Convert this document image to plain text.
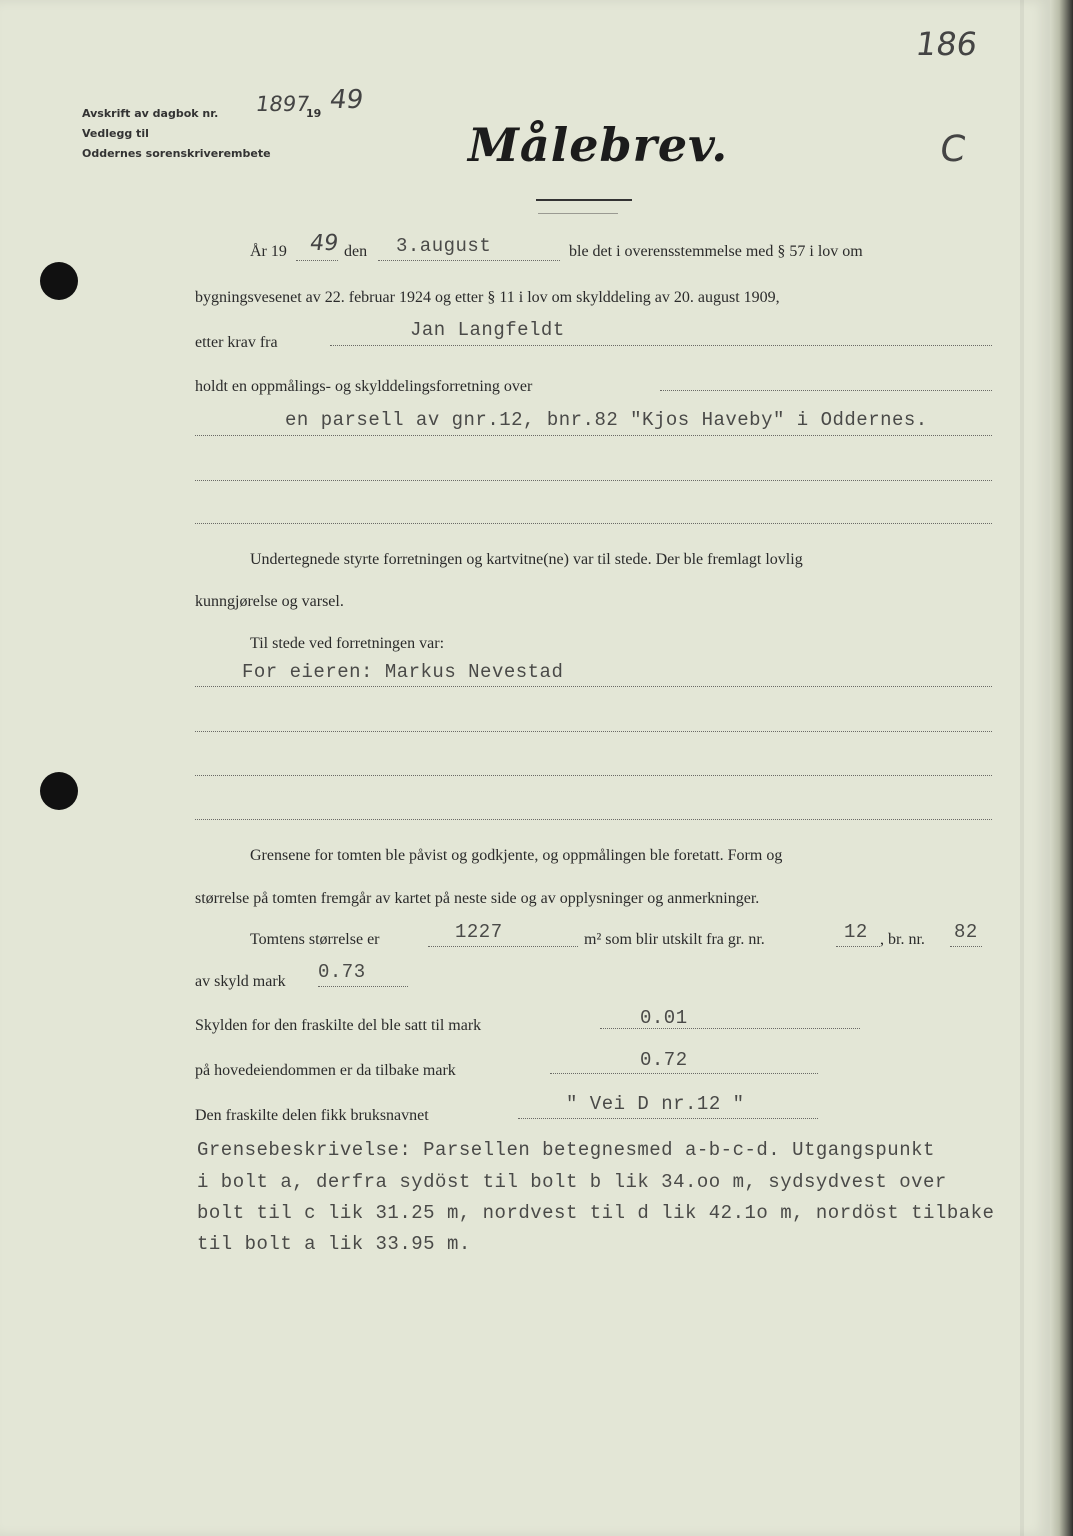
Avskrift av dagbok nr. 1897
19 49
Vedlegg til
Oddernes sorenskriverembete
186
C
Målebrev.
År 19 49 den 3.august	ble det i overensstemmelse med § 57 i lov om
bygningsvesenet av 22. februar 1924 og etter § 11 i lov om skylddeling av 20. august 1909,
etter krav fra
Jan Langfeldt
holdt en oppmålings- og skylddelingsforretning over
en parsell av gnr.12, bnr.82 "Kjos Haveby" i Oddernes.
Undertegnede styrte forretningen og kartvitne(ne) var til stede. Der ble fremlagt lovlig
kunngjørelse og varsel.
Til stede ved forretningen var:
For eieren: Markus Nevestad
Grensene for tomten ble påvist og godkjente, og oppmålingen ble foretatt. Form og
størrelse på tomten fremgår av kartet på neste side og av opplysninger og anmerkninger.
Tomtens størrelse er	1227	m² som blir utskilt fra gr. nr.	12 , br. nr. 82
av skyld mark 0.73
Skylden for den fraskilte del ble satt til mark	0.01
på hovedeiendommen er da tilbake mark	0.72
Den fraskilte delen fikk bruksnavnet
" Vei D nr.12 "
Grensebeskrivelse: Parsellen betegnesmed a-b-c-d. Utgangspunkt
i bolt a, derfra sydöst til bolt b lik 34.oo m, sydsydvest over
bolt til c lik 31.25 m, nordvest til d lik 42.1o m, nordöst tilbake
til bolt a lik 33.95 m.
